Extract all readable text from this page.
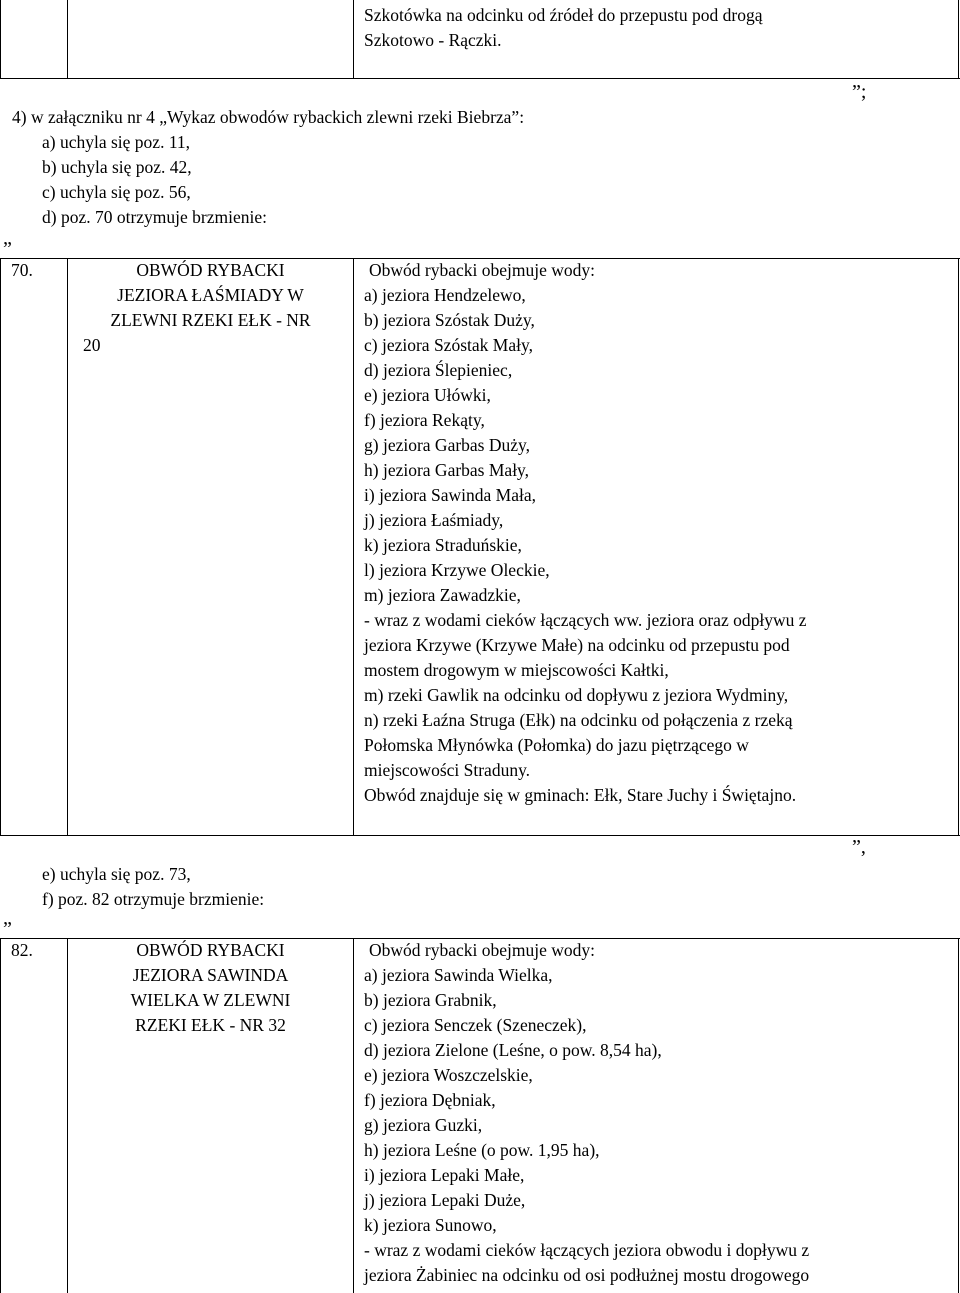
Szkotówka na odcinku od źródeł do przepustu pod drogą
Szkotowo - Rączki.
4) w załączniku nr 4 „Wykaz obwodów rybackich zlewni rzeki Biebrza”:
a) uchyla się poz. 11,
b) uchyla się poz. 42,
c) uchyla się poz. 56,
d) poz. 70 otrzymuje brzmienie:
”;
„
70.	OBWÓD RYBACKI
JEZIORA ŁAŚMIADY W
ZLEWNI RZEKI EŁK - NR
20
Obwód rybacki obejmuje wody:
a) jeziora Hendzelewo,
b) jeziora Szóstak Duży,
c) jeziora Szóstak Mały,
d) jeziora Ślepieniec,
e) jeziora Ułówki,
f) jeziora Rekąty,
g) jeziora Garbas Duży,
h) jeziora Garbas Mały,
i) jeziora Sawinda Mała,
j) jeziora Łaśmiady,
k) jeziora Straduńskie,
l) jeziora Krzywe Oleckie,
m) jeziora Zawadzkie,
- wraz z wodami cieków łączących ww. jeziora oraz odpływu z
jeziora Krzywe (Krzywe Małe) na odcinku od przepustu pod
mostem drogowym w miejscowości Kałtki,
m) rzeki Gawlik na odcinku od dopływu z jeziora Wydminy,
n) rzeki Łaźna Struga (Ełk) na odcinku od połączenia z rzeką
Połomska Młynówka (Połomka) do jazu piętrzącego w
miejscowości Straduny.
Obwód znajduje się w gminach: Ełk, Stare Juchy i Świętajno.
”,
e) uchyla się poz. 73,
f) poz. 82 otrzymuje brzmienie:
„
82.	OBWÓD RYBACKI
JEZIORA SAWINDA
WIELKA W ZLEWNI
RZEKI EŁK - NR 32
Obwód rybacki obejmuje wody:
a) jeziora Sawinda Wielka,
b) jeziora Grabnik,
c) jeziora Senczek (Szeneczek),
d) jeziora Zielone (Leśne, o pow. 8,54 ha),
e) jeziora Woszczelskie,
f) jeziora Dębniak,
g) jeziora Guzki,
h) jeziora Leśne (o pow. 1,95 ha),
i) jeziora Lepaki Małe,
j) jeziora Lepaki Duże,
k) jeziora Sunowo,
- wraz z wodami cieków łączących jeziora obwodu i dopływu z
jeziora Żabiniec na odcinku od osi podłużnej mostu drogowego
